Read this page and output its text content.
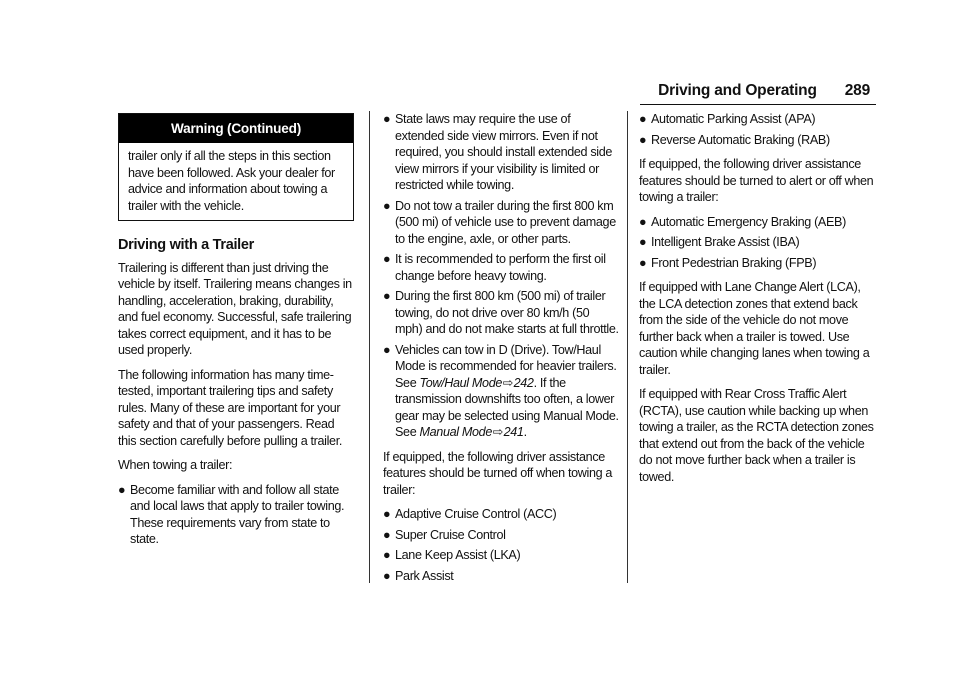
Driving and Operating 289
Warning (Continued)
trailer only if all the steps in this section have been followed. Ask your dealer for advice and information about towing a trailer with the vehicle.
Driving with a Trailer

Trailering is different than just driving the vehicle by itself. Trailering means changes in handling, acceleration, braking, durability, and fuel economy. Successful, safe trailering takes correct equipment, and it has to be used properly.

The following information has many time-tested, important trailering tips and safety rules. Many of these are important for your safety and that of your passengers. Read this section carefully before pulling a trailer.

When towing a trailer:

● Become familiar with and follow all state and local laws that apply to trailer towing. These requirements vary from state to state.
● State laws may require the use of extended side view mirrors. Even if not required, you should install extended side view mirrors if your visibility is limited or restricted while towing.
● Do not tow a trailer during the first 800 km (500 mi) of vehicle use to prevent damage to the engine, axle, or other parts.
● It is recommended to perform the first oil change before heavy towing.
● During the first 800 km (500 mi) of trailer towing, do not drive over 80 km/h (50 mph) and do not make starts at full throttle.
● Vehicles can tow in D (Drive). Tow/Haul Mode is recommended for heavier trailers. See Tow/Haul Mode ⇨ 242. If the transmission downshifts too often, a lower gear may be selected using Manual Mode. See Manual Mode ⇨ 241.

If equipped, the following driver assistance features should be turned off when towing a trailer:

● Adaptive Cruise Control (ACC)
● Super Cruise Control
● Lane Keep Assist (LKA)
● Park Assist
● Automatic Parking Assist (APA)
● Reverse Automatic Braking (RAB)

If equipped, the following driver assistance features should be turned to alert or off when towing a trailer:

● Automatic Emergency Braking (AEB)
● Intelligent Brake Assist (IBA)
● Front Pedestrian Braking (FPB)

If equipped with Lane Change Alert (LCA), the LCA detection zones that extend back from the side of the vehicle do not move further back when a trailer is towed. Use caution while changing lanes when towing a trailer.

If equipped with Rear Cross Traffic Alert (RCTA), use caution while backing up when towing a trailer, as the RCTA detection zones that extend out from the back of the vehicle do not move further back when a trailer is towed.
